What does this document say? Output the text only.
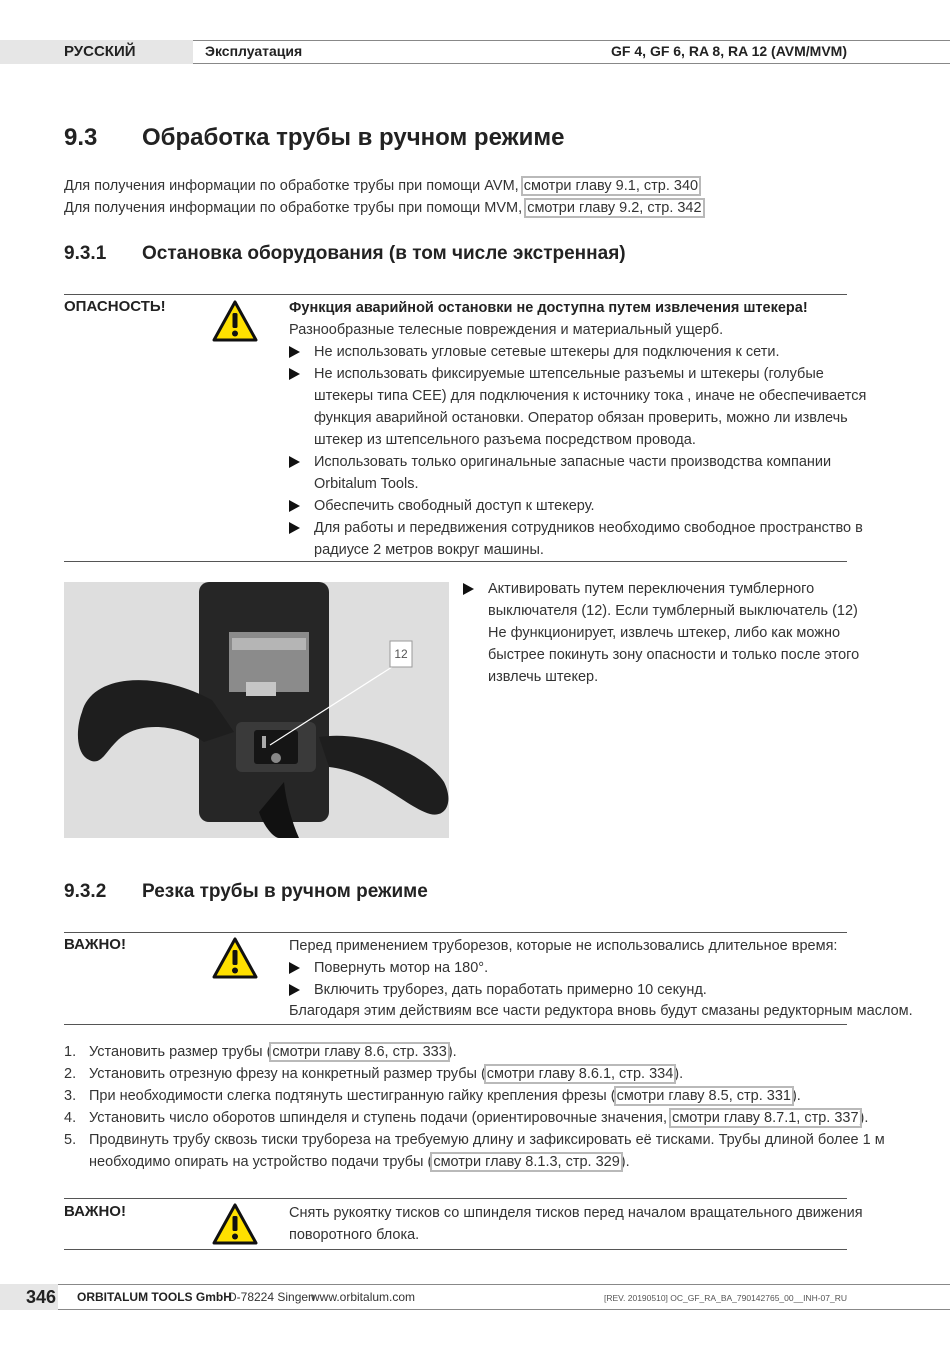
РУССКИЙ	Эксплуатация	GF 4, GF 6, RA 8, RA 12 (AVM/MVM)
9.3 Обработка трубы в ручном режиме
Для получения информации по обработке трубы при помощи AVM, смотри главу 9.1, стр. 340
Для получения информации по обработке трубы при помощи MVM, смотри главу 9.2, стр. 342
9.3.1 Остановка оборудования (в том числе экстренная)
ОПАСНОСТЬ!	Функция аварийной остановки не доступна путем извлечения штекера!
Разнообразные телесные повреждения и материальный ущерб.
Не использовать угловые сетевые штекеры для подключения к сети.
Не использовать фиксируемые штепсельные разъемы и штекеры (голубые
штекеры типа CEE) для подключения к источнику тока , иначе не обеспечивается
функция аварийной остановки. Оператор обязан проверить, можно ли извлечь
штекер из штепсельного разъема посредством провода.
Использовать только оригинальные запасные части производства компании
Orbitalum Tools.
Обеспечить свободный доступ к штекеру.
Для работы и передвижения сотрудников необходимо свободное пространство в
радиусе 2 метров вокруг машины.
12
Активировать путем переключения тумблерного
выключателя (12). Если тумблерный выключатель (12)
Не функционирует, извлечь штекер, либо как можно
быстрее покинуть зону опасности и только после этого
извлечь штекер.
9.3.2 Резка трубы в ручном режиме
ВАЖНО!	Перед применением труборезов, которые не использовались длительное время:
Повернуть мотор на 180°.
Включить труборез, дать поработать примерно 10 секунд.
Благодаря этим действиям все части редуктора вновь будут смазаны редукторным маслом.
1. Установить размер трубы (смотри главу 8.6, стр. 333).
2. Установить отрезную фрезу на конкретный размер трубы (смотри главу 8.6.1, стр. 334).
3. При необходимости слегка подтянуть шестигранную гайку крепления фрезы (смотри главу 8.5, стр. 331).
4. Установить число оборотов шпинделя и ступень подачи (ориентировочные значения, смотри главу 8.7.1, стр. 337).
5. Продвинуть трубу сквозь тиски трубореза на требуемую длину и зафиксировать её тисками. Трубы длиной более 1 м
необходимо опирать на устройство подачи трубы (смотри главу 8.1.3, стр. 329).
ВАЖНО!	Снять рукоятку тисков со шпинделя тисков перед началом вращательного движения
поворотного блока.
346 ORBITALUM TOOLS GmbH
D-78224 Singen
www.orbitalum.com	[REV. 20190510] OC_GF_RA_BA_790142765_00__INH-07_RU
